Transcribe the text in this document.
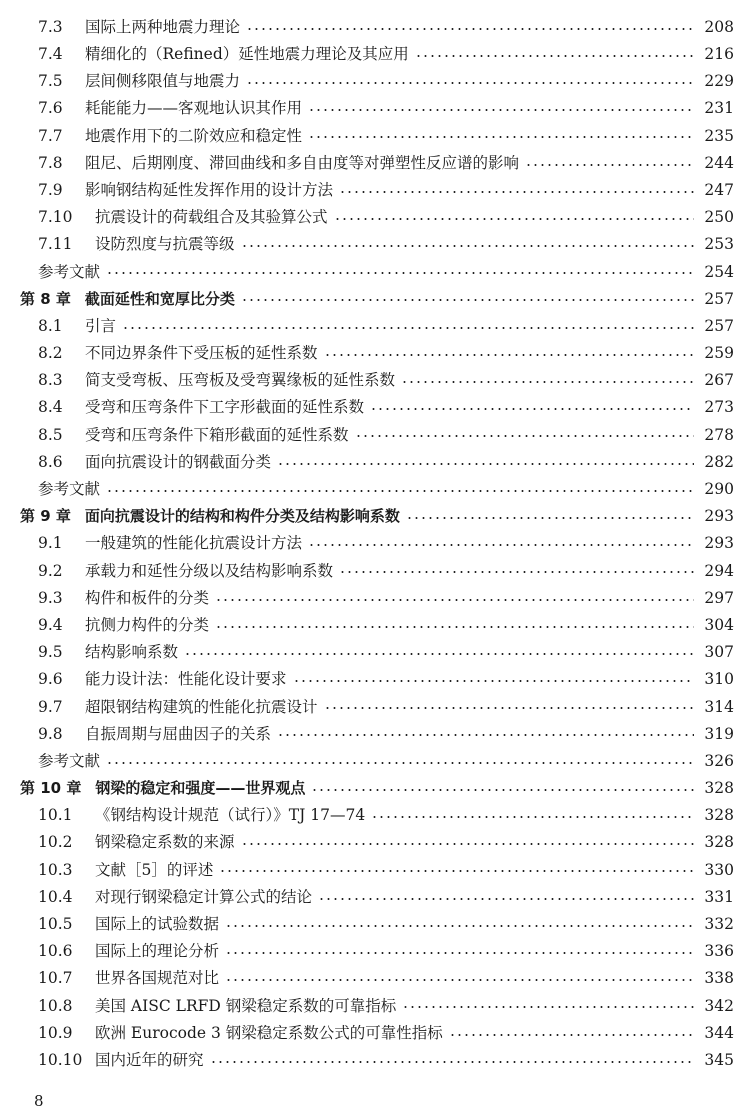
7.3	国际上两种地震力理论	208
7.4	精细化的（Refined）延性地震力理论及其应用	216
7.5	层间侧移限值与地震力	229
7.6	耗能能力——客观地认识其作用	231
7.7	地震作用下的二阶效应和稳定性	235
7.8	阻尼、后期刚度、滞回曲线和多自由度等对弹塑性反应谱的影响	244
7.9	影响钢结构延性发挥作用的设计方法	247
7.10	抗震设计的荷载组合及其验算公式	250
7.11	设防烈度与抗震等级	253
参考文献	254
第 8 章 截面延性和宽厚比分类	257
8.1	引言	257
8.2	不同边界条件下受压板的延性系数	259
8.3	简支受弯板、压弯板及受弯翼缘板的延性系数	267
8.4	受弯和压弯条件下工字形截面的延性系数	273
8.5	受弯和压弯条件下箱形截面的延性系数	278
8.6	面向抗震设计的钢截面分类	282
参考文献	290
第 9 章 面向抗震设计的结构和构件分类及结构影响系数	293
9.1	一般建筑的性能化抗震设计方法	293
9.2	承载力和延性分级以及结构影响系数	294
9.3	构件和板件的分类	297
9.4	抗侧力构件的分类	304
9.5	结构影响系数	307
9.6	能力设计法：性能化设计要求	310
9.7	超限钢结构建筑的性能化抗震设计	314
9.8	自振周期与屈曲因子的关系	319
参考文献	326
第 10 章 钢梁的稳定和强度——世界观点	328
10.1	《钢结构设计规范（试行）》TJ 17—74	328
10.2	钢梁稳定系数的来源	328
10.3	文献［5］的评述	330
10.4	对现行钢梁稳定计算公式的结论	331
10.5	国际上的试验数据	332
10.6	国际上的理论分析	336
10.7	世界各国规范对比	338
10.8	美国 AISC LRFD 钢梁稳定系数的可靠指标	342
10.9	欧洲 Eurocode 3 钢梁稳定系数公式的可靠性指标	344
10.10 国内近年的研究	345
8
